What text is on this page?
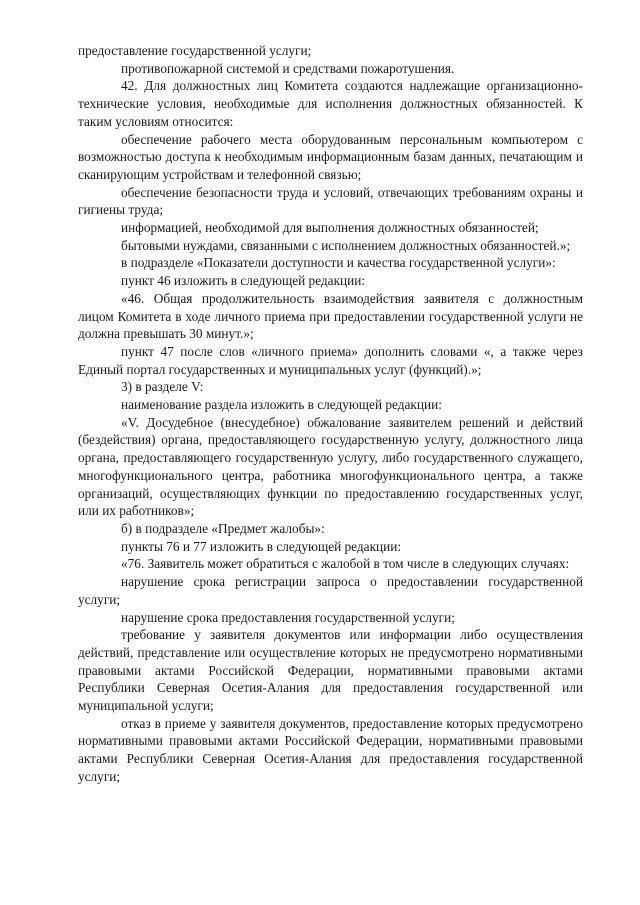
предоставление государственной услуги;

противопожарной системой и средствами пожаротушения.

42. Для должностных лиц Комитета создаются надлежащие организационно-технические условия, необходимые для исполнения должностных обязанностей. К таким условиям относится:

обеспечение рабочего места оборудованным персональным компьютером с возможностью доступа к необходимым информационным базам данных, печатающим и сканирующим устройствам и телефонной связью;

обеспечение безопасности труда и условий, отвечающих требованиям охраны и гигиены труда;

информацией, необходимой для выполнения должностных обязанностей;

бытовыми нуждами, связанными с исполнением должностных обязанностей.»;

в подразделе «Показатели доступности и качества государственной услуги»:

пункт 46 изложить в следующей редакции:

«46. Общая продолжительность взаимодействия заявителя с должностным лицом Комитета в ходе личного приема при предоставлении государственной услуги не должна превышать 30 минут.»;

пункт 47 после слов «личного приема» дополнить словами «, а также через Единый портал государственных и муниципальных услуг (функций).»;

3) в разделе V:

наименование раздела изложить в следующей редакции:

«V. Досудебное (внесудебное) обжалование заявителем решений и действий (бездействия) органа, предоставляющего государственную услугу, должностного лица органа, предоставляющего государственную услугу, либо государственного служащего, многофункционального центра, работника многофункционального центра, а также организаций, осуществляющих функции по предоставлению государственных услуг, или их работников»;

б) в подразделе «Предмет жалобы»:

пункты 76 и 77 изложить в следующей редакции:

«76. Заявитель может обратиться с жалобой в том числе в следующих случаях:

нарушение срока регистрации запроса о предоставлении государственной услуги;

нарушение срока предоставления государственной услуги;

требование у заявителя документов или информации либо осуществления действий, представление или осуществление которых не предусмотрено нормативными правовыми актами Российской Федерации, нормативными правовыми актами Республики Северная Осетия-Алания для предоставления государственной или муниципальной услуги;

отказ в приеме у заявителя документов, предоставление которых предусмотрено нормативными правовыми актами Российской Федерации, нормативными правовыми актами Республики Северная Осетия-Алания для предоставления государственной услуги;
